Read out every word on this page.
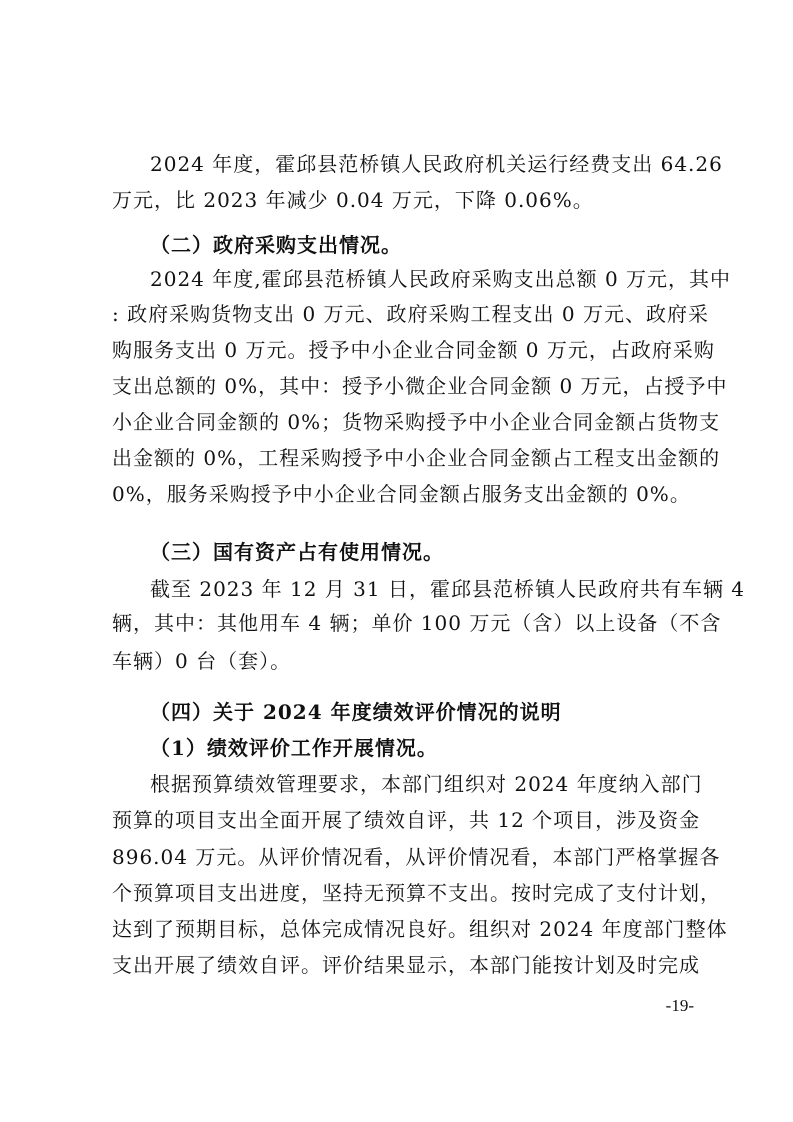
2024 年度，霍邱县范桥镇人民政府机关运行经费支出 64.26
万元，比 2023 年减少 0.04 万元，下降 0.06%。
（二）政府采购支出情况。
2024 年度,霍邱县范桥镇人民政府采购支出总额 0 万元，其中
: 政府采购货物支出 0 万元、政府采购工程支出 0 万元、政府采
购服务支出 0 万元。授予中小企业合同金额 0 万元，占政府采购
支出总额的 0%，其中：授予小微企业合同金额 0 万元，占授予中
小企业合同金额的 0%；货物采购授予中小企业合同金额占货物支
出金额的 0%，工程采购授予中小企业合同金额占工程支出金额的
0%，服务采购授予中小企业合同金额占服务支出金额的 0%。
（三）国有资产占有使用情况。
截至 2023 年 12 月 31 日，霍邱县范桥镇人民政府共有车辆 4
辆，其中：其他用车 4 辆；单价 100 万元（含）以上设备（不含
车辆）0 台（套）。
（四）关于 2024 年度绩效评价情况的说明
（1）绩效评价工作开展情况。
根据预算绩效管理要求，本部门组织对 2024 年度纳入部门
预算的项目支出全面开展了绩效自评，共 12 个项目，涉及资金
896.04 万元。从评价情况看，从评价情况看，本部门严格掌握各
个预算项目支出进度，坚持无预算不支出。按时完成了支付计划，
达到了预期目标，总体完成情况良好。组织对 2024 年度部门整体
支出开展了绩效自评。评价结果显示，本部门能按计划及时完成
-19-
